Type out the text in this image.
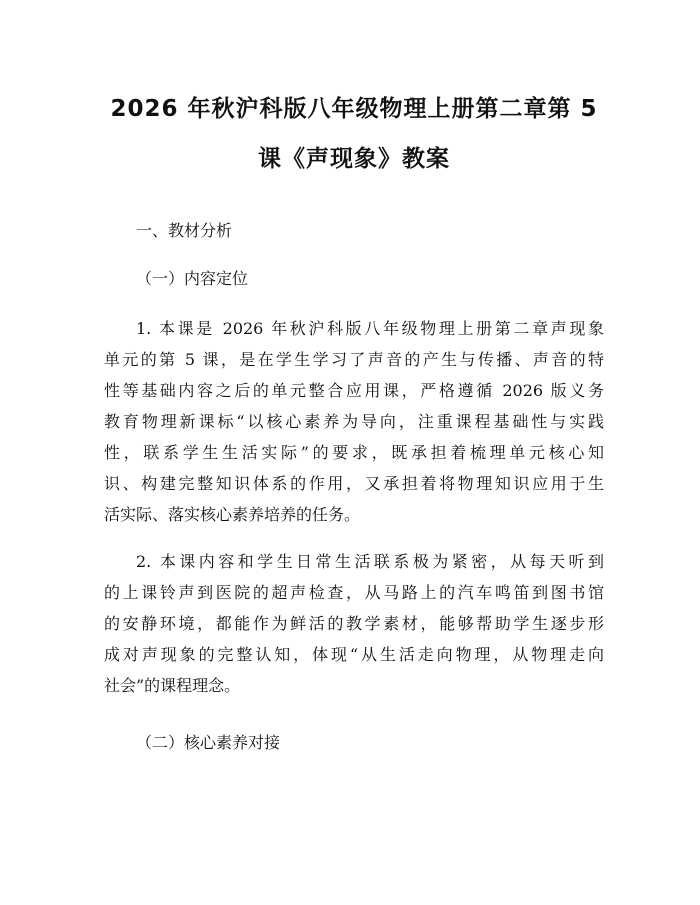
2026 年秋沪科版八年级物理上册第二章第 5
课《声现象》教案

一、教材分析

（一）内容定位

1. 本课是 2026 年秋沪科版八年级物理上册第二章声现象
单元的第 5 课，是在学生学习了声音的产生与传播、声音的特
性等基础内容之后的单元整合应用课，严格遵循 2026 版义务
教育物理新课标“以核心素养为导向，注重课程基础性与实践
性，联系学生生活实际”的要求，既承担着梳理单元核心知
识、构建完整知识体系的作用，又承担着将物理知识应用于生
活实际、落实核心素养培养的任务。
2. 本课内容和学生日常生活联系极为紧密，从每天听到
的上课铃声到医院的超声检查，从马路上的汽车鸣笛到图书馆
的安静环境，都能作为鲜活的教学素材，能够帮助学生逐步形
成对声现象的完整认知，体现“从生活走向物理，从物理走向
社会”的课程理念。

（二）核心素养对接
